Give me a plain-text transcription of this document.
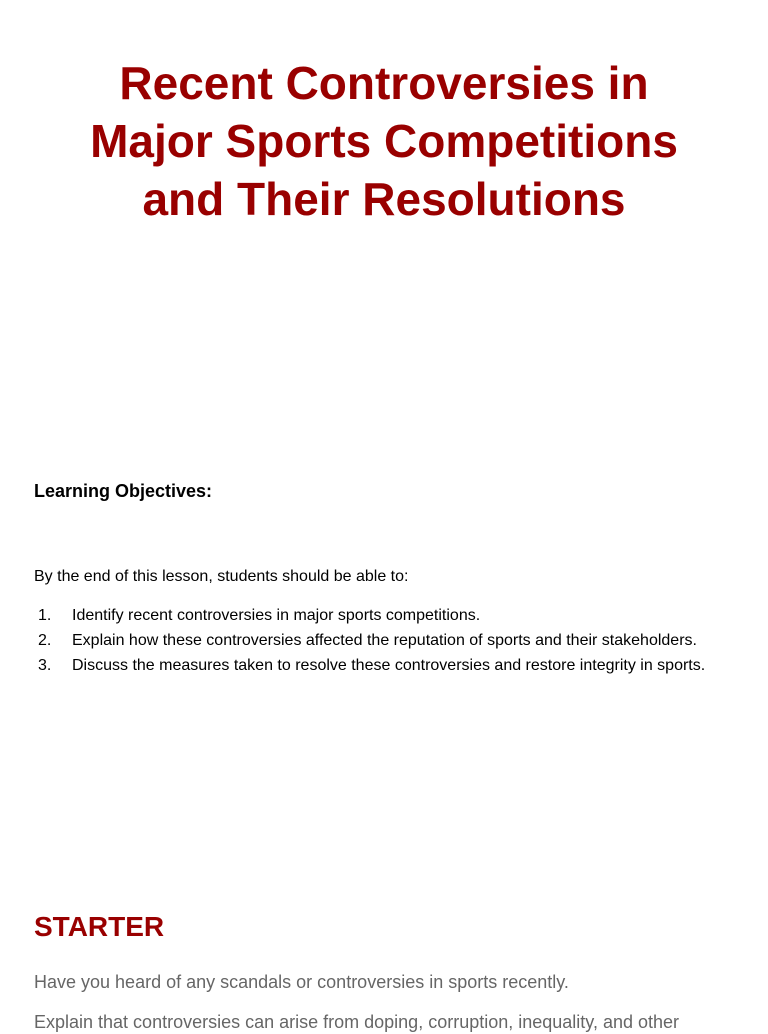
Recent Controversies in
Major Sports Competitions
and Their Resolutions
Learning Objectives:

By the end of this lesson, students should be able to:

1. Identify recent controversies in major sports competitions.
2. Explain how these controversies affected the reputation of sports and their stakeholders.
3. Discuss the measures taken to resolve these controversies and restore integrity in sports.
STARTER

Have you heard of any scandals or controversies in sports recently.

Explain that controversies can arise from doping, corruption, inequality, and other
